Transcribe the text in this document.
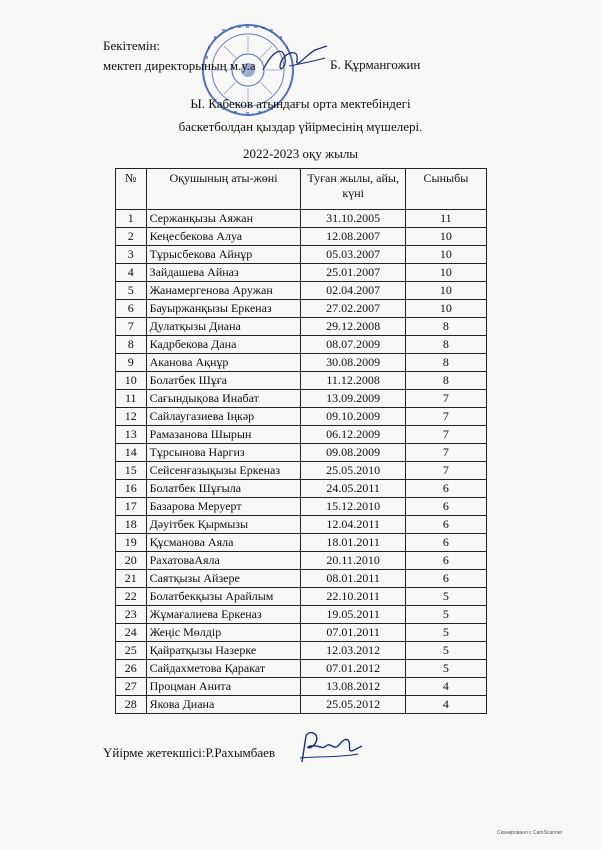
Бекітемін:
мектеп директорының м.у.а	Б. Құрмангожин
Ы. Кабеков атындағы орта мектебіндегі
баскетболдан қыздар үйірмесінің мүшелері.
2022-2023 оқу жылы
№	Оқушының аты-жөні	Туған жылы, айы, күні	Сыныбы
1	Сержанқызы Аяжан	31.10.2005	11
2	Кеңесбекова Алуа	12.08.2007	10
3	Тұрысбекова Айнұр	05.03.2007	10
4	Зайдашева Айназ	25.01.2007	10
5	Жанамергенова Аружан	02.04.2007	10
6	Бауыржанқызы Еркеназ	27.02.2007	10
7	Дулатқызы Диана	29.12.2008	8
8	Кадрбекова Дана	08.07.2009	8
9	Аканова Ақнұр	30.08.2009	8
10	Болатбек Шұға	11.12.2008	8
11	Сағындықова Инабат	13.09.2009	7
12	Сайлаугазиева Іңкәр	09.10.2009	7
13	Рамазанова Шырын	06.12.2009	7
14	Тұрсынова Наргиз	09.08.2009	7
15	Сейсенғазықызы Еркеназ	25.05.2010	7
16	Болатбек Шұғыла	24.05.2011	6
17	Базарова Меруерт	15.12.2010	6
18	Дәуітбек Қырмызы	12.04.2011	6
19	Құсманова Аяла	18.01.2011	6
20	РахатоваАяла	20.11.2010	6
21	Саятқызы Айзере	08.01.2011	6
22	Болатбекқызы Арайлым	22.10.2011	5
23	Жұмағалиева Еркеназ	19.05.2011	5
24	Жеңіс Мөлдір	07.01.2011	5
25	Қайратқызы Назерке	12.03.2012	5
26	Сайдахметова Қаракат	07.01.2012	5
27	Процман Анита	13.08.2012	4
28	Якова Диана	25.05.2012	4
Үйірме жетекшісі:Р.Рахымбаев
Сканировано с CamScanner
